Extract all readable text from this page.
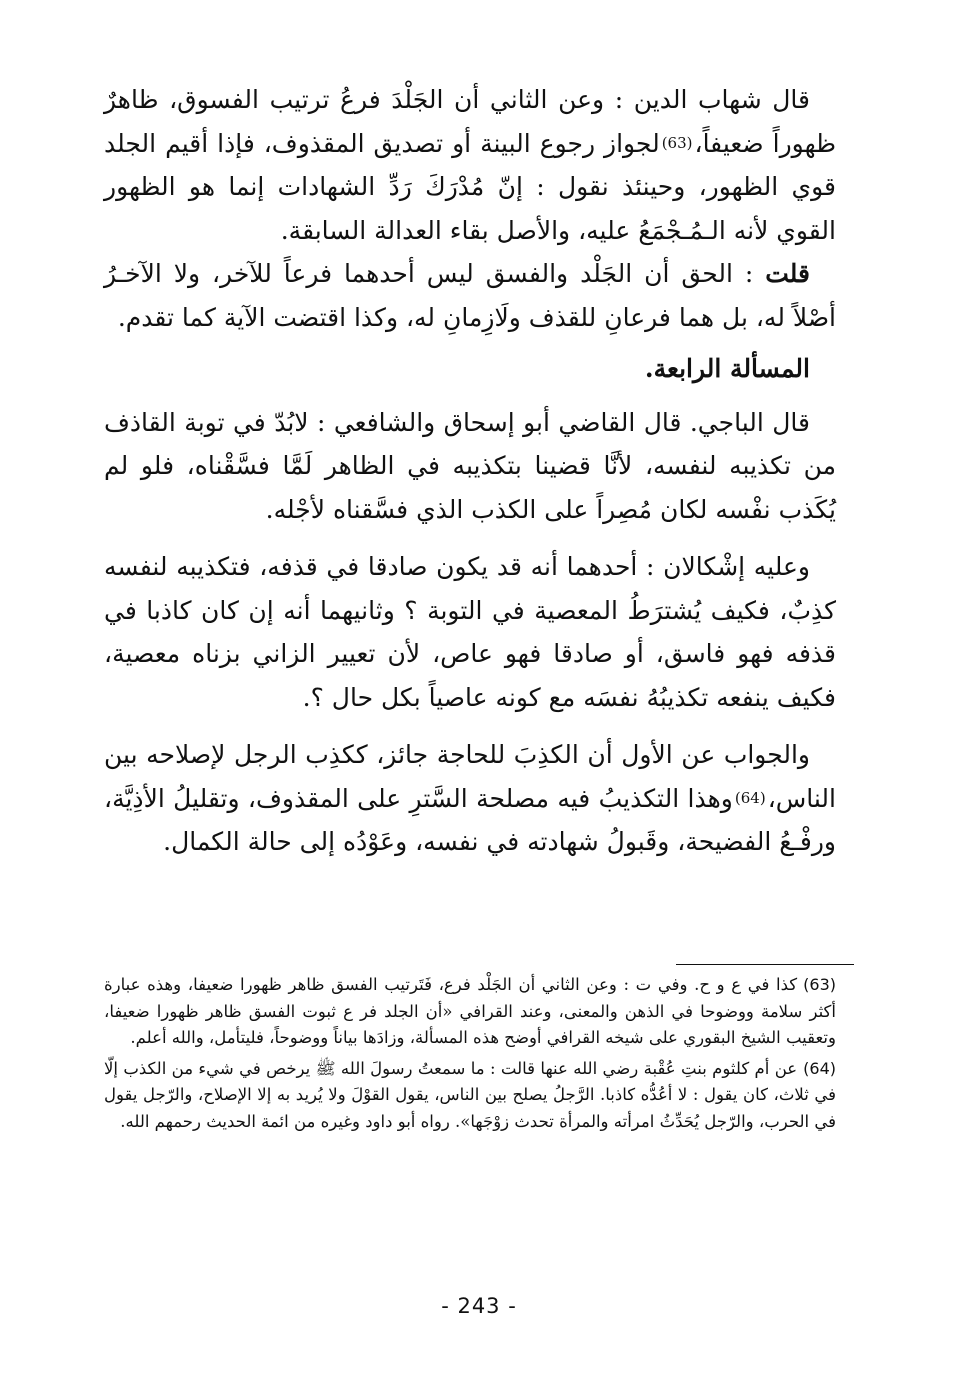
قال شهاب الدين : وعن الثاني أن الجَلْدَ فرعُ ترتيب الفسوق، ظاهرٌ ظهوراً ضعيفاً،(63)لجواز رجوع البينة أو تصديق المقذوف، فإذا أقيم الجلد قوي الظهور، وحينئذ نقول : إنّ مُدْرَكَ رَدِّ الشهادات إنما هو الظهور القوي لأنه الـمُـجْمَعُ عليه، والأصل بقاء العدالة السابقة.

قلت : الحق أن الجَلْد والفسق ليس أحدهما فرعاً للآخر، ولا الآخـرُ أصْلاً له، بل هما فرعانِ للقذف ولَازِمانِ له، وكذا اقتضت الآية كما تقدم.

المسألة الرابعة.

قال الباجي. قال القاضي أبو إسحاق والشافعي : لابُدّ في توبة القاذف من تكذيبه لنفسه، لأنَّا قضينا بتكذيبه في الظاهر لَمَّا فسَّقْناه، فلو لم يُكَذب نفْسه لكان مُصِراً على الكذب الذي فسَّقناه لأجْله.

وعليه إشْكالان : أحدهما أنه قد يكون صادقا في قذفه، فتكذيبه لنفسه كذِبٌ، فكيف يُشترَطُ المعصية في التوبة ؟ وثانيهما أنه إن كان كاذبا في قذفه فهو فاسق، أو صادقا فهو عاص، لأن تعيير الزاني بزناه معصية، فكيف ينفعه تكذيبُهُ نفسَه مع كونه عاصياً بكل حال ؟.

والجواب عن الأول أن الكذِبَ للحاجة جائز، ككذِب الرجل لإصلاحه بين الناس،(64)وهذا التكذيبُ فيه مصلحة السَّترِ على المقذوف، وتقليلُ الأذِيَّة، ورفْـعُ الفضيحة، وقَبولُ شهادته في نفسه، وعَوْدُه إلى حالة الكمال.

(63)كذا في ع و ح. وفي ت : وعن الثاني أن الجَلْد فرع، فَتَرتيب الفسق ظاهر ظهورا ضعيفا، وهذه عبارة أكثر سلامة ووضوحا في الذهن والمعنى، وعند القرافي «أن الجلد فر ع ثبوت الفسق ظاهر ظهورا ضعيفا، وتعقيب الشيخ البقوري على شيخه القرافي أوضح هذه المسألة، وزادَها بياناً ووضوحاً، فليتأمل، والله أعلم.

(64)عن أم كلثوم بنتِ عُقْبة رضي الله عنها قالت : ما سمعتُ رسولَ الله ﷺ يرخص في شيء من الكذب إلّا في ثلاث، كان يقول : لا أعُدُّه كاذبا. الرَّجلُ يصلح بين الناس، يقول القوْلَ ولا يُريد به إلا الإصلاح، والرّجل يقول في الحرب، والرّجل يُحَدِّثُ امرأته والمرأة تحدث زوْجَها». رواه أبو داود وغيره من ائمة الحديث رحمهم الله.

- 243 -
